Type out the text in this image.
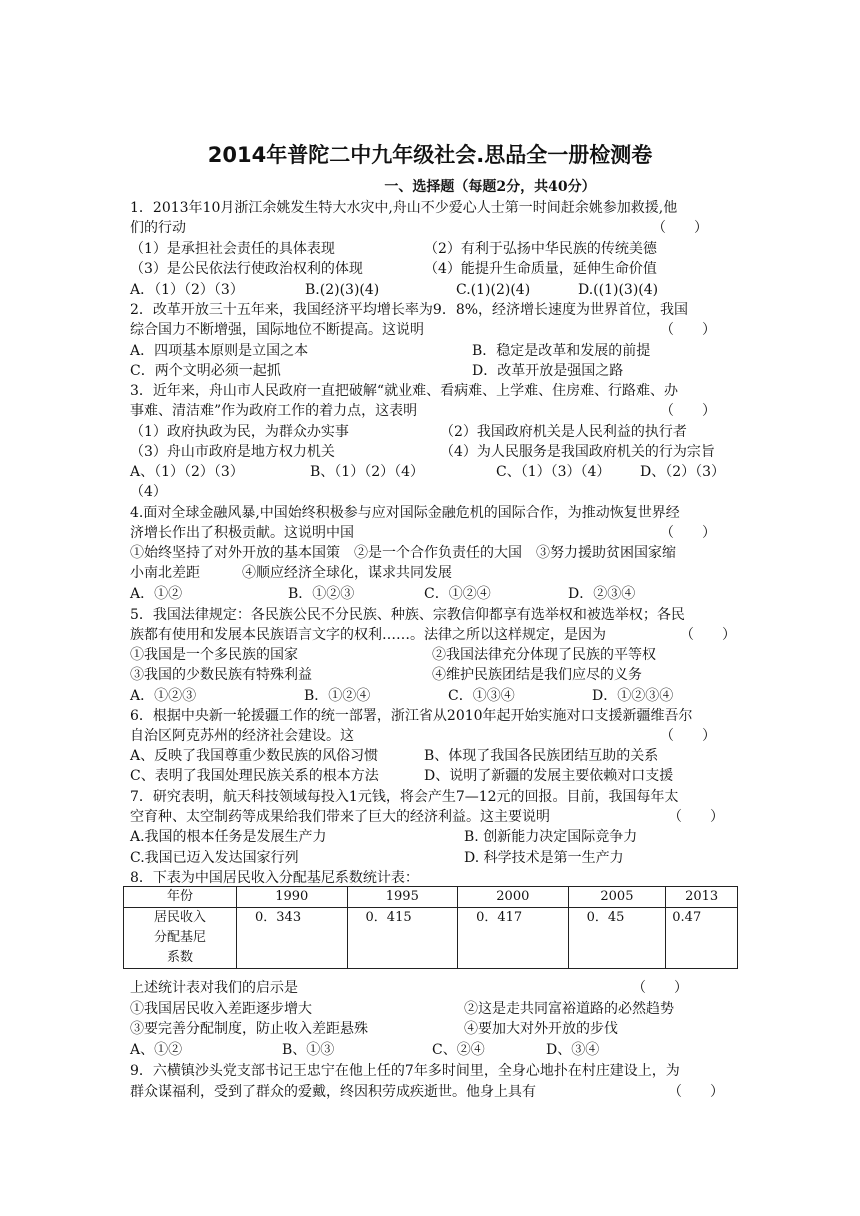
2014年普陀二中九年级社会.思品全一册检测卷
一、选择题（每题2分，共40分）
1．2013年10月浙江余姚发生特大水灾中,舟山不少爱心人士第一时间赶余姚参加救援,他
们的行动	（　　）
（1）是承担社会责任的具体表现	（2）有利于弘扬中华民族的传统美德
（3）是公民依法行使政治权利的体现	（4）能提升生命质量，延伸生命价值
A．（1）（2）（3）	B.(2)(3)(4)	C.(1)(2)(4)	D.((1)(3)(4)
2．改革开放三十五年来，我国经济平均增长率为9．8%，经济增长速度为世界首位，我国
综合国力不断增强，国际地位不断提高。这说明	（　　）
A．四项基本原则是立国之本	B．稳定是改革和发展的前提
C．两个文明必须一起抓	D．改革开放是强国之路
3．近年来，舟山市人民政府一直把破解“就业难、看病难、上学难、住房难、行路难、办
事难、清洁难”作为政府工作的着力点，这表明	（　　）
（1）政府执政为民，为群众办实事	（2）我国政府机关是人民利益的执行者
（3）舟山市政府是地方权力机关	（4）为人民服务是我国政府机关的行为宗旨
A、（1）（2）（3）	B、（1）（2）（4）	C、（1）（3）（4） D、（2）（3）
（4）
4.面对全球金融风暴,中国始终积极参与应对国际金融危机的国际合作，为推动恢复世界经
济增长作出了积极贡献。这说明中国	（　　）
①始终坚持了对外开放的基本国策　②是一个合作负责任的大国　③努力援助贫困国家缩
小南北差距　　　④顺应经济全球化，谋求共同发展
A．①②	B．①②③	C．①②④	D．②③④
5．我国法律规定：各民族公民不分民族、种族、宗教信仰都享有选举权和被选举权；各民
族都有使用和发展本民族语言文字的权利……。法律之所以这样规定，是因为	（　　）
①我国是一个多民族的国家	②我国法律充分体现了民族的平等权
③我国的少数民族有特殊利益	④维护民族团结是我们应尽的义务
A．①②③	B．①②④	C．①③④	D．①②③④
6．根据中央新一轮援疆工作的统一部署，浙江省从2010年起开始实施对口支援新疆维吾尔
自治区阿克苏州的经济社会建设。这	（　　）
A、反映了我国尊重少数民族的风俗习惯	B、体现了我国各民族团结互助的关系
C、表明了我国处理民族关系的根本方法	D、说明了新疆的发展主要依赖对口支援
7．研究表明，航天科技领域每投入1元钱，将会产生7—12元的回报。目前，我国每年太
空育种、太空制药等成果给我们带来了巨大的经济利益。这主要说明	（　　）
A.我国的根本任务是发展生产力	B. 创新能力决定国际竞争力
C.我国已迈入发达国家行列	D. 科学技术是第一生产力
8．下表为中国居民收入分配基尼系数统计表：
年份	1990	1995	2000	2005	2013

居民收入
分配基尼
系数	0．343	0．415	0．417	0．45	0.47
上述统计表对我们的启示是	（　　）
①我国居民收入差距逐步增大	②这是走共同富裕道路的必然趋势
③要完善分配制度，防止收入差距悬殊	④要加大对外开放的步伐
A、①②	B、①③	C、②④	D、③④
9．六横镇沙头党支部书记王忠宁在他上任的7年多时间里，全身心地扑在村庄建设上，为
群众谋福利，受到了群众的爱戴，终因积劳成疾逝世。他身上具有	（　　）
